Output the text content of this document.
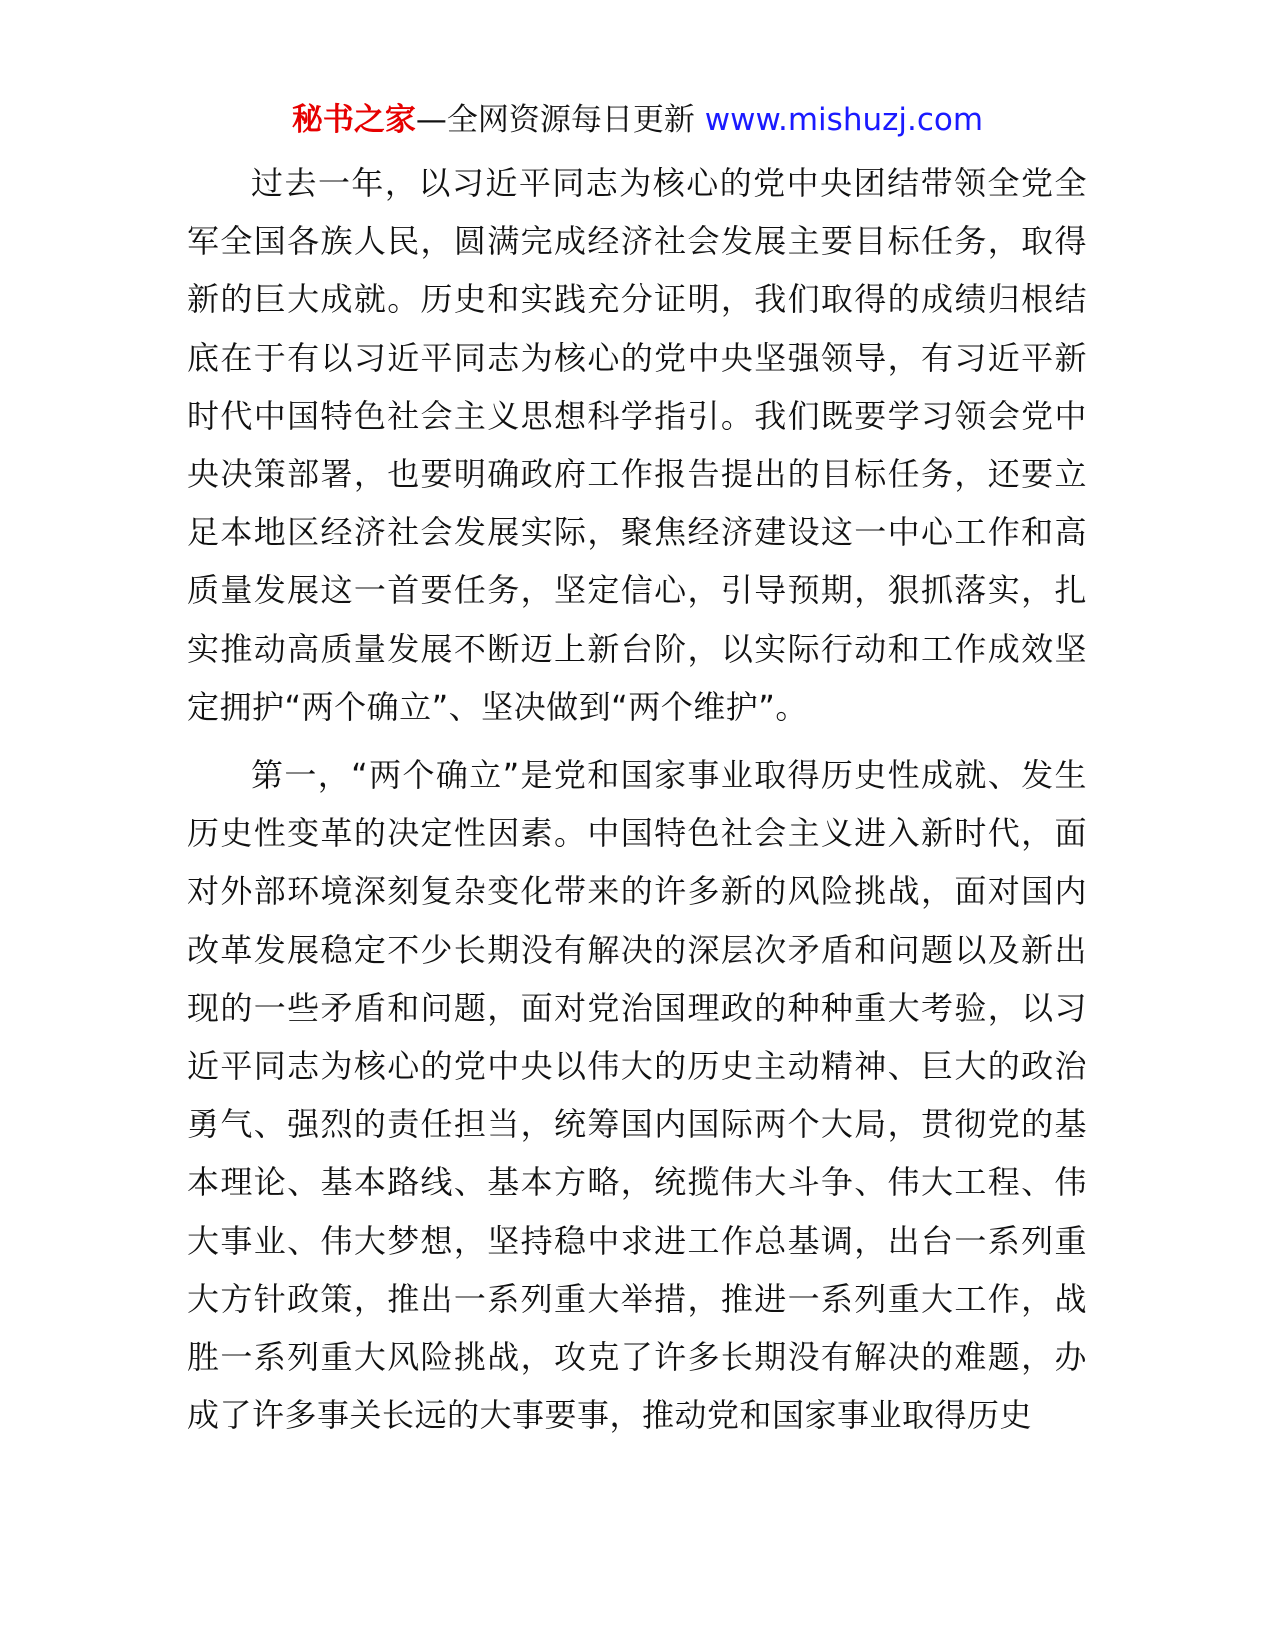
秘书之家—全网资源每日更新 www.mishuzj.com

过去一年，以习近平同志为核心的党中央团结带领全党全军全国各族人民，圆满完成经济社会发展主要目标任务，取得新的巨大成就。历史和实践充分证明，我们取得的成绩归根结底在于有以习近平同志为核心的党中央坚强领导，有习近平新时代中国特色社会主义思想科学指引。我们既要学习领会党中央决策部署，也要明确政府工作报告提出的目标任务，还要立足本地区经济社会发展实际，聚焦经济建设这一中心工作和高质量发展这一首要任务，坚定信心，引导预期，狠抓落实，扎实推动高质量发展不断迈上新台阶，以实际行动和工作成效坚定拥护“两个确立”、坚决做到“两个维护”。

第一，“两个确立”是党和国家事业取得历史性成就、发生历史性变革的决定性因素。中国特色社会主义进入新时代，面对外部环境深刻复杂变化带来的许多新的风险挑战，面对国内改革发展稳定不少长期没有解决的深层次矛盾和问题以及新出现的一些矛盾和问题，面对党治国理政的种种重大考验，以习近平同志为核心的党中央以伟大的历史主动精神、巨大的政治勇气、强烈的责任担当，统筹国内国际两个大局，贯彻党的基本理论、基本路线、基本方略，统揽伟大斗争、伟大工程、伟大事业、伟大梦想，坚持稳中求进工作总基调，出台一系列重大方针政策，推出一系列重大举措，推进一系列重大工作，战胜一系列重大风险挑战，攻克了许多长期没有解决的难题，办成了许多事关长远的大事要事，推动党和国家事业取得历史
